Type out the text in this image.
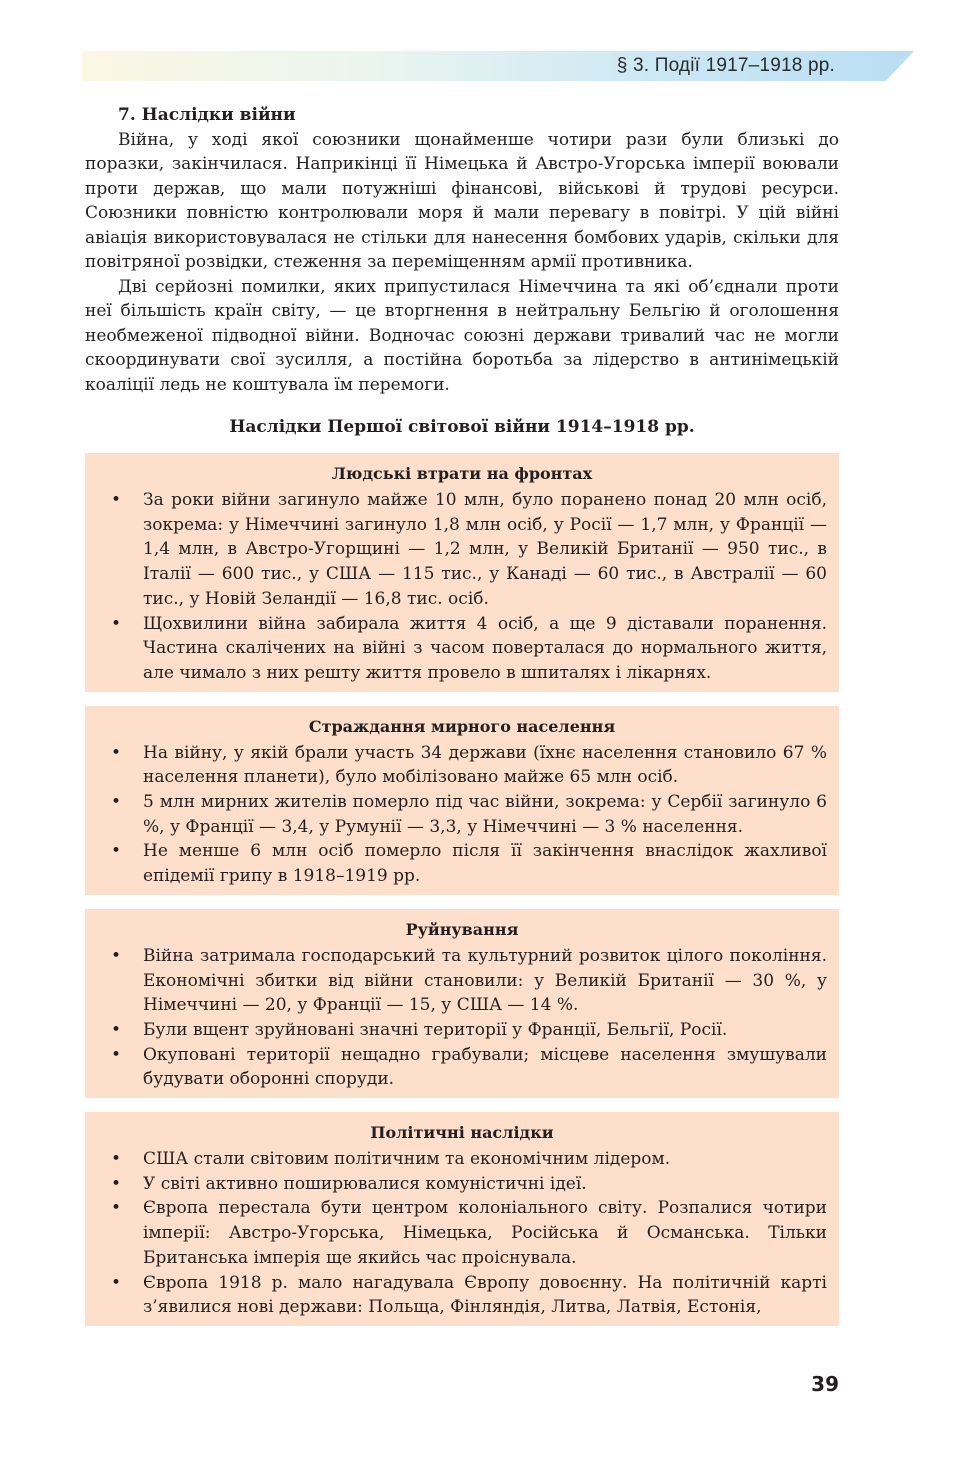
§ 3. Події 1917–1918 рр.
7. Наслідки війни

Війна, у ході якої союзники щонайменше чотири рази були близькі до поразки, закінчилася. Наприкінці її Німецька й Австро-Угорська імперії воювали проти держав, що мали потужніші фінансові, військові й трудові ресурси. Союзники повністю контролювали моря й мали перевагу в повітрі. У цій війні авіація використовувалася не стільки для нанесення бомбових ударів, скільки для повітряної розвідки, стеження за переміщенням армії противника.

Дві серйозні помилки, яких припустилася Німеччина та які об’єднали проти неї більшість країн світу, — це вторгнення в нейтральну Бельгію й оголошення необмеженої підводної війни. Водночас союзні держави тривалий час не могли скоординувати свої зусилля, а постійна боротьба за лідерство в антинімецькій коаліції ледь не коштувала їм перемоги.

Наслідки Першої світової війни 1914–1918 рр.
Людські втрати на фронтах
• За роки війни загинуло майже 10 млн, було поранено понад 20 млн осіб, зокрема: у Німеччині загинуло 1,8 млн осіб, у Росії — 1,7 млн, у Франції — 1,4 млн, в Австро-Угорщині — 1,2 млн, у Великій Британії — 950 тис., в Італії — 600 тис., у США — 115 тис., у Канаді — 60 тис., в Австралії — 60 тис., у Новій Зеландії — 16,8 тис. осіб.
• Щохвилини війна забирала життя 4 осіб, а ще 9 діставали поранення. Частина скалічених на війні з часом поверталася до нормального життя, але чимало з них решту життя провело в шпиталях і лікарнях.
Страждання мирного населення
• На війну, у якій брали участь 34 держави (їхнє населення становило 67 % населення планети), було мобілізовано майже 65 млн осіб.
• 5 млн мирних жителів померло під час війни, зокрема: у Сербії загинуло 6 %, у Франції — 3,4, у Румунії — 3,3, у Німеччині — 3 % населення.
• Не менше 6 млн осіб померло після її закінчення внаслідок жахливої епідемії грипу в 1918–1919 рр.
Руйнування
• Війна затримала господарський та культурний розвиток цілого покоління. Економічні збитки від війни становили: у Великій Британії — 30 %, у Німеччині — 20, у Франції — 15, у США — 14 %.
• Були вщент зруйновані значні території у Франції, Бельгії, Росії.
• Окуповані території нещадно грабували; місцеве населення змушували будувати оборонні споруди.
Політичні наслідки
• США стали світовим політичним та економічним лідером.
• У світі активно поширювалися комуністичні ідеї.
• Європа перестала бути центром колоніального світу. Розпалися чотири імперії: Австро-Угорська, Німецька, Російська й Османська. Тільки Британська імперія ще якийсь час проіснувала.
• Європа 1918 р. мало нагадувала Європу довоєнну. На політичній карті з’явилися нові держави: Польща, Фінляндія, Литва, Латвія, Естонія,
39
